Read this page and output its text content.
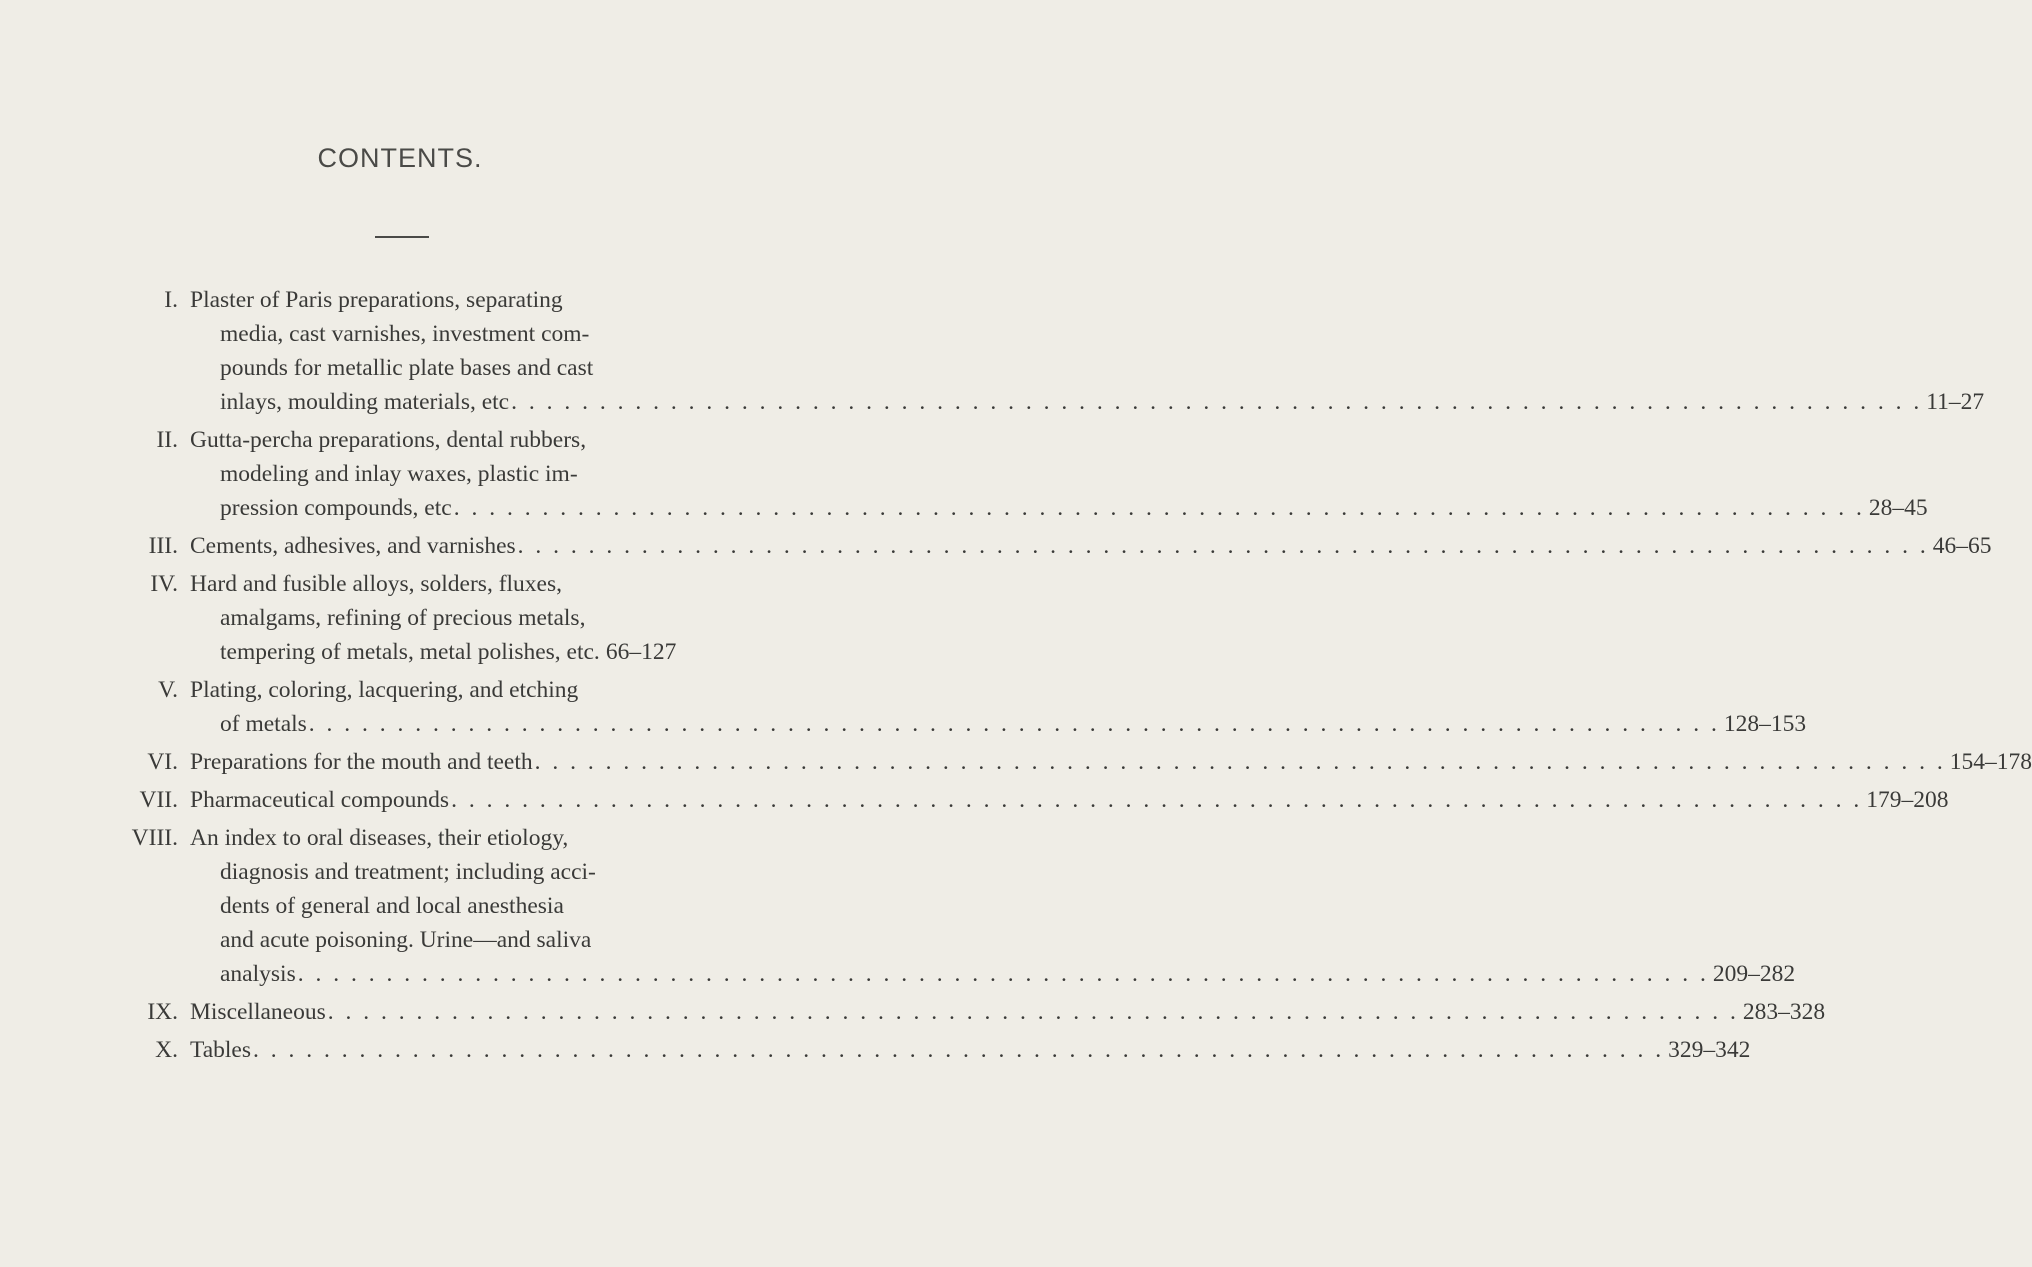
CONTENTS.
I. Plaster of Paris preparations, separating
media, cast varnishes, investment com-
pounds for metallic plate bases and cast
inlays, moulding materials, etc . . . . . . . . . . . . . . . . . . . . . . . . . . . . . . . . . . . . . . . . . . . . . . . . . . . . . . . . . . . . . . . . . . . . . . . . . . . . . . . . 11–27
II. Gutta-percha preparations, dental rubbers,
modeling and inlay waxes, plastic im-
pression compounds, etc . . . . . . . . . . . . . . . . . . . . . . . . . . . . . . . . . . . . . . . . . . . . . . . . . . . . . . . . . . . . . . . . . . . . . . . . . . . . . . . . 28–45
III. Cements, adhesives, and varnishes . . . . . . . . . . . . . . . . . . . . . . . . . . . . . . . . . . . . . . . . . . . . . . . . . . . . . . . . . . . . . . . . . . . . . . . . . . . . . . . . 46–65
IV. Hard and fusible alloys, solders, fluxes,
amalgams, refining of precious metals,
tempering of metals, metal polishes, etc. 66–127
V. Plating, coloring, lacquering, and etching
of metals . . . . . . . . . . . . . . . . . . . . . . . . . . . . . . . . . . . . . . . . . . . . . . . . . . . . . . . . . . . . . . . . . . . . . . . . . . . . . . . . 128–153
VI. Preparations for the mouth and teeth . . . . . . . . . . . . . . . . . . . . . . . . . . . . . . . . . . . . . . . . . . . . . . . . . . . . . . . . . . . . . . . . . . . . . . . . . . . . . . . . 154–178
VII. Pharmaceutical compounds . . . . . . . . . . . . . . . . . . . . . . . . . . . . . . . . . . . . . . . . . . . . . . . . . . . . . . . . . . . . . . . . . . . . . . . . . . . . . . . . 179–208
VIII. An index to oral diseases, their etiology,
diagnosis and treatment; including acci-
dents of general and local anesthesia
and acute poisoning. Urine—and saliva
analysis . . . . . . . . . . . . . . . . . . . . . . . . . . . . . . . . . . . . . . . . . . . . . . . . . . . . . . . . . . . . . . . . . . . . . . . . . . . . . . . . 209–282
IX. Miscellaneous . . . . . . . . . . . . . . . . . . . . . . . . . . . . . . . . . . . . . . . . . . . . . . . . . . . . . . . . . . . . . . . . . . . . . . . . . . . . . . . . 283–328
X. Tables . . . . . . . . . . . . . . . . . . . . . . . . . . . . . . . . . . . . . . . . . . . . . . . . . . . . . . . . . . . . . . . . . . . . . . . . . . . . . . . . 329–342
